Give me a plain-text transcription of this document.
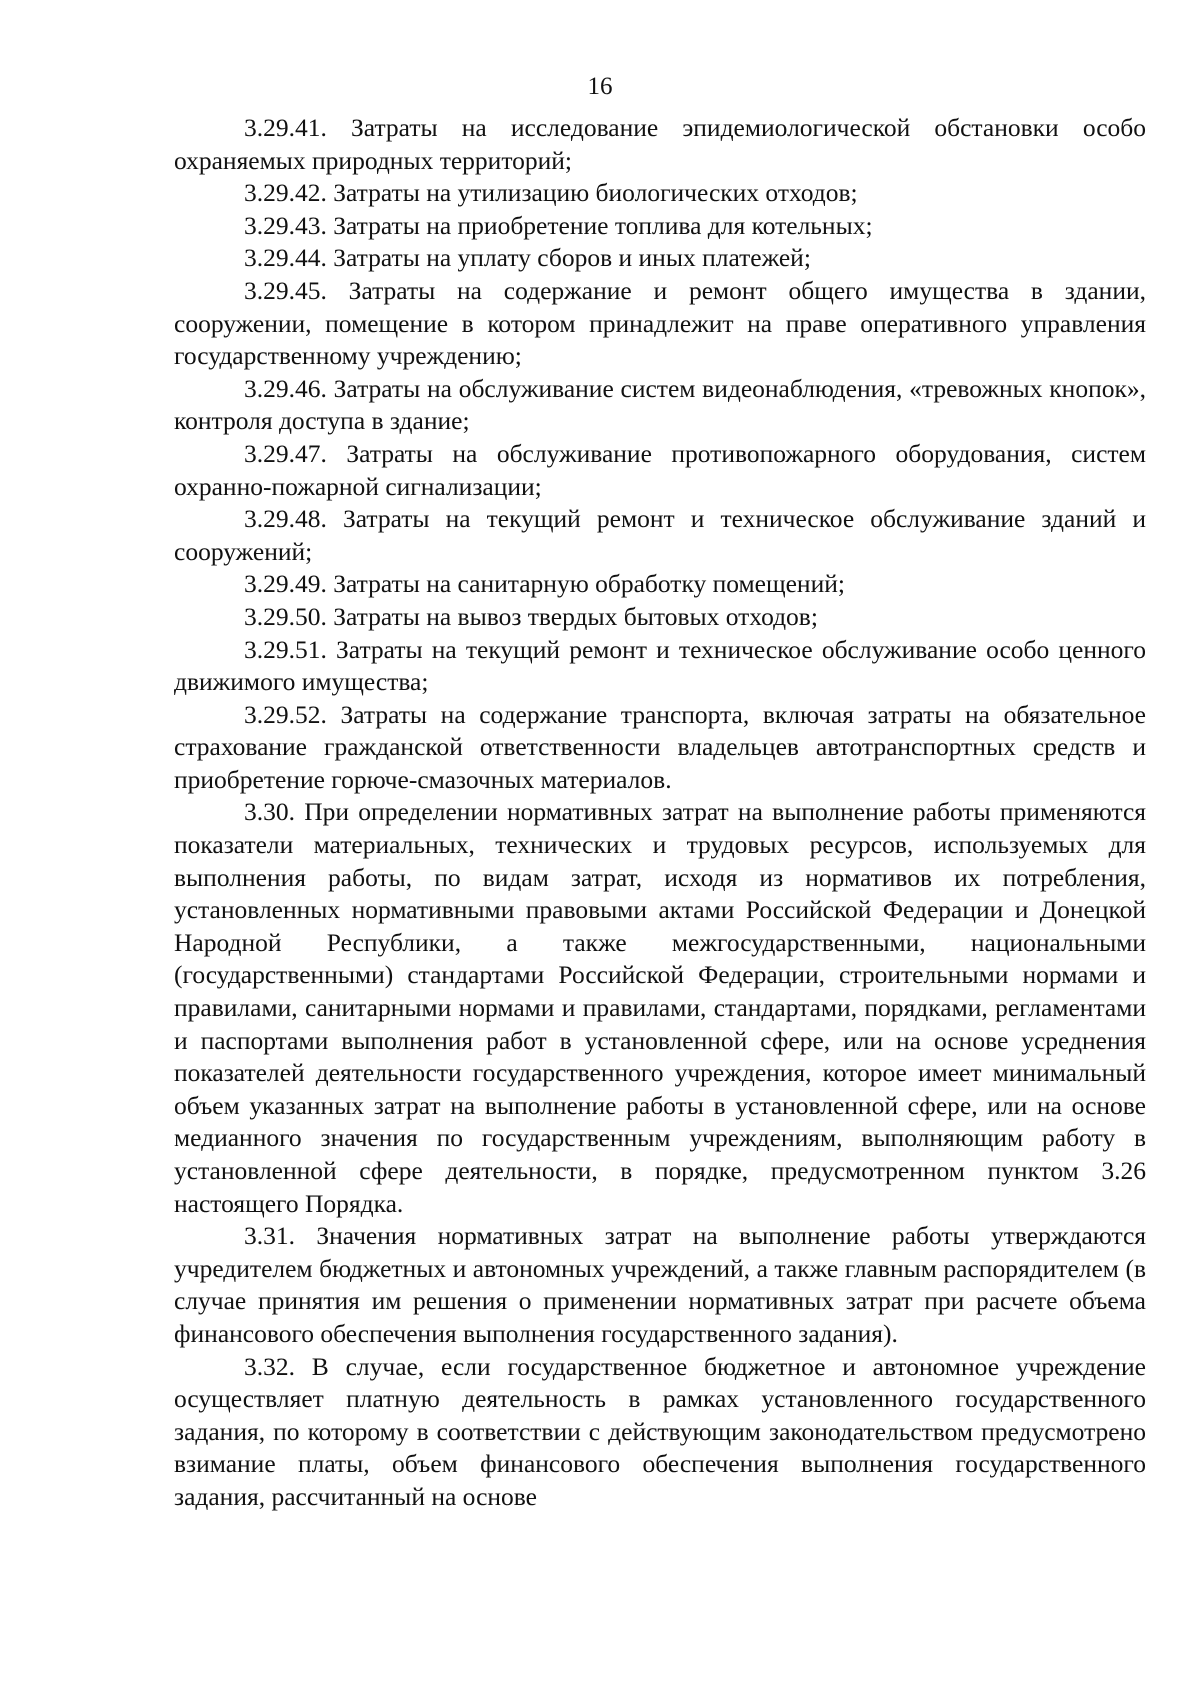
16

3.29.41. Затраты на исследование эпидемиологической обстановки особо охраняемых природных территорий;

3.29.42. Затраты на утилизацию биологических отходов;

3.29.43. Затраты на приобретение топлива для котельных;

3.29.44. Затраты на уплату сборов и иных платежей;

3.29.45. Затраты на содержание и ремонт общего имущества в здании, сооружении, помещение в котором принадлежит на праве оперативного управления государственному учреждению;

3.29.46. Затраты на обслуживание систем видеонаблюдения, «тревожных кнопок», контроля доступа в здание;

3.29.47. Затраты на обслуживание противопожарного оборудования, систем охранно-пожарной сигнализации;

3.29.48. Затраты на текущий ремонт и техническое обслуживание зданий и сооружений;

3.29.49. Затраты на санитарную обработку помещений;

3.29.50. Затраты на вывоз твердых бытовых отходов;

3.29.51. Затраты на текущий ремонт и техническое обслуживание особо ценного движимого имущества;

3.29.52. Затраты на содержание транспорта, включая затраты на обязательное страхование гражданской ответственности владельцев автотранспортных средств и приобретение горюче-смазочных материалов.

3.30. При определении нормативных затрат на выполнение работы применяются показатели материальных, технических и трудовых ресурсов, используемых для выполнения работы, по видам затрат, исходя из нормативов их потребления, установленных нормативными правовыми актами Российской Федерации и Донецкой Народной Республики, а также межгосударственными, национальными (государственными) стандартами Российской Федерации, строительными нормами и правилами, санитарными нормами и правилами, стандартами, порядками, регламентами и паспортами выполнения работ в установленной сфере, или на основе усреднения показателей деятельности государственного учреждения, которое имеет минимальный объем указанных затрат на выполнение работы в установленной сфере, или на основе медианного значения по государственным учреждениям, выполняющим работу в установленной сфере деятельности, в порядке, предусмотренном пунктом 3.26 настоящего Порядка.

3.31. Значения нормативных затрат на выполнение работы утверждаются учредителем бюджетных и автономных учреждений, а также главным распорядителем (в случае принятия им решения о применении нормативных затрат при расчете объема финансового обеспечения выполнения государственного задания).

3.32. В случае, если государственное бюджетное и автономное учреждение осуществляет платную деятельность в рамках установленного государственного задания, по которому в соответствии с действующим законодательством предусмотрено взимание платы, объем финансового обеспечения выполнения государственного задания, рассчитанный на основе
